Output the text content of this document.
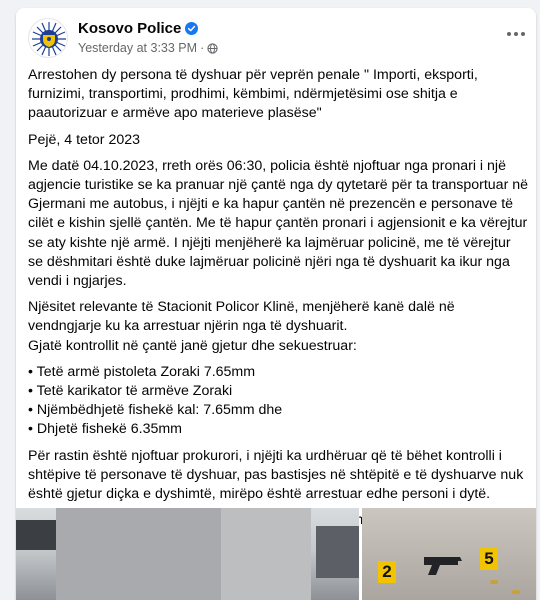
Kosovo Police
Yesterday at 3:33 PM ·

Arrestohen dy persona të dyshuar për veprën penale " Importi, eksporti, furnizimi, transportimi, prodhimi, këmbimi, ndërmjetësimi ose shitja e paautorizuar e armëve apo materieve plasëse"

Pejë, 4 tetor 2023

Me datë 04.10.2023, rreth orës 06:30, policia është njoftuar nga pronari i një agjencie turistike se ka pranuar një çantë nga dy qytetarë për ta transportuar në Gjermani me autobus, i njëjti e ka hapur çantën në prezencën e personave të cilët e kishin sjellë çantën. Me të hapur çantën pronari i agjensionit e ka vërejtur se aty kishte një armë. I njëjti menjëherë ka lajmëruar policinë, me të vërejtur se dëshmitari është duke lajmëruar policinë njëri nga të dyshuarit ka ikur nga vendi i ngjarjes.

Njësitet relevante të Stacionit Policor Klinë, menjëherë kanë dalë në vendngjarje ku ka arrestuar njërin nga të dyshuarit.
Gjatë kontrollit në çantë janë gjetur dhe sekuestruar:

• Tetë armë pistoleta Zoraki 7.65mm
• Tetë karikator të armëve Zoraki
• Njëmbëdhjetë fishekë kal: 7.65mm dhe
• Dhjetë fishekë 6.35mm

Për rastin është njoftuar prokurori, i njëjti ka urdhëruar që të bëhet kontrolli i shtëpive të personave të dyshuar, pas bastisjes në shtëpitë e të dyshuarve nuk është gjetur diçka e dyshimtë, mirëpo është arrestuar edhe personi i dytë.

2
5
